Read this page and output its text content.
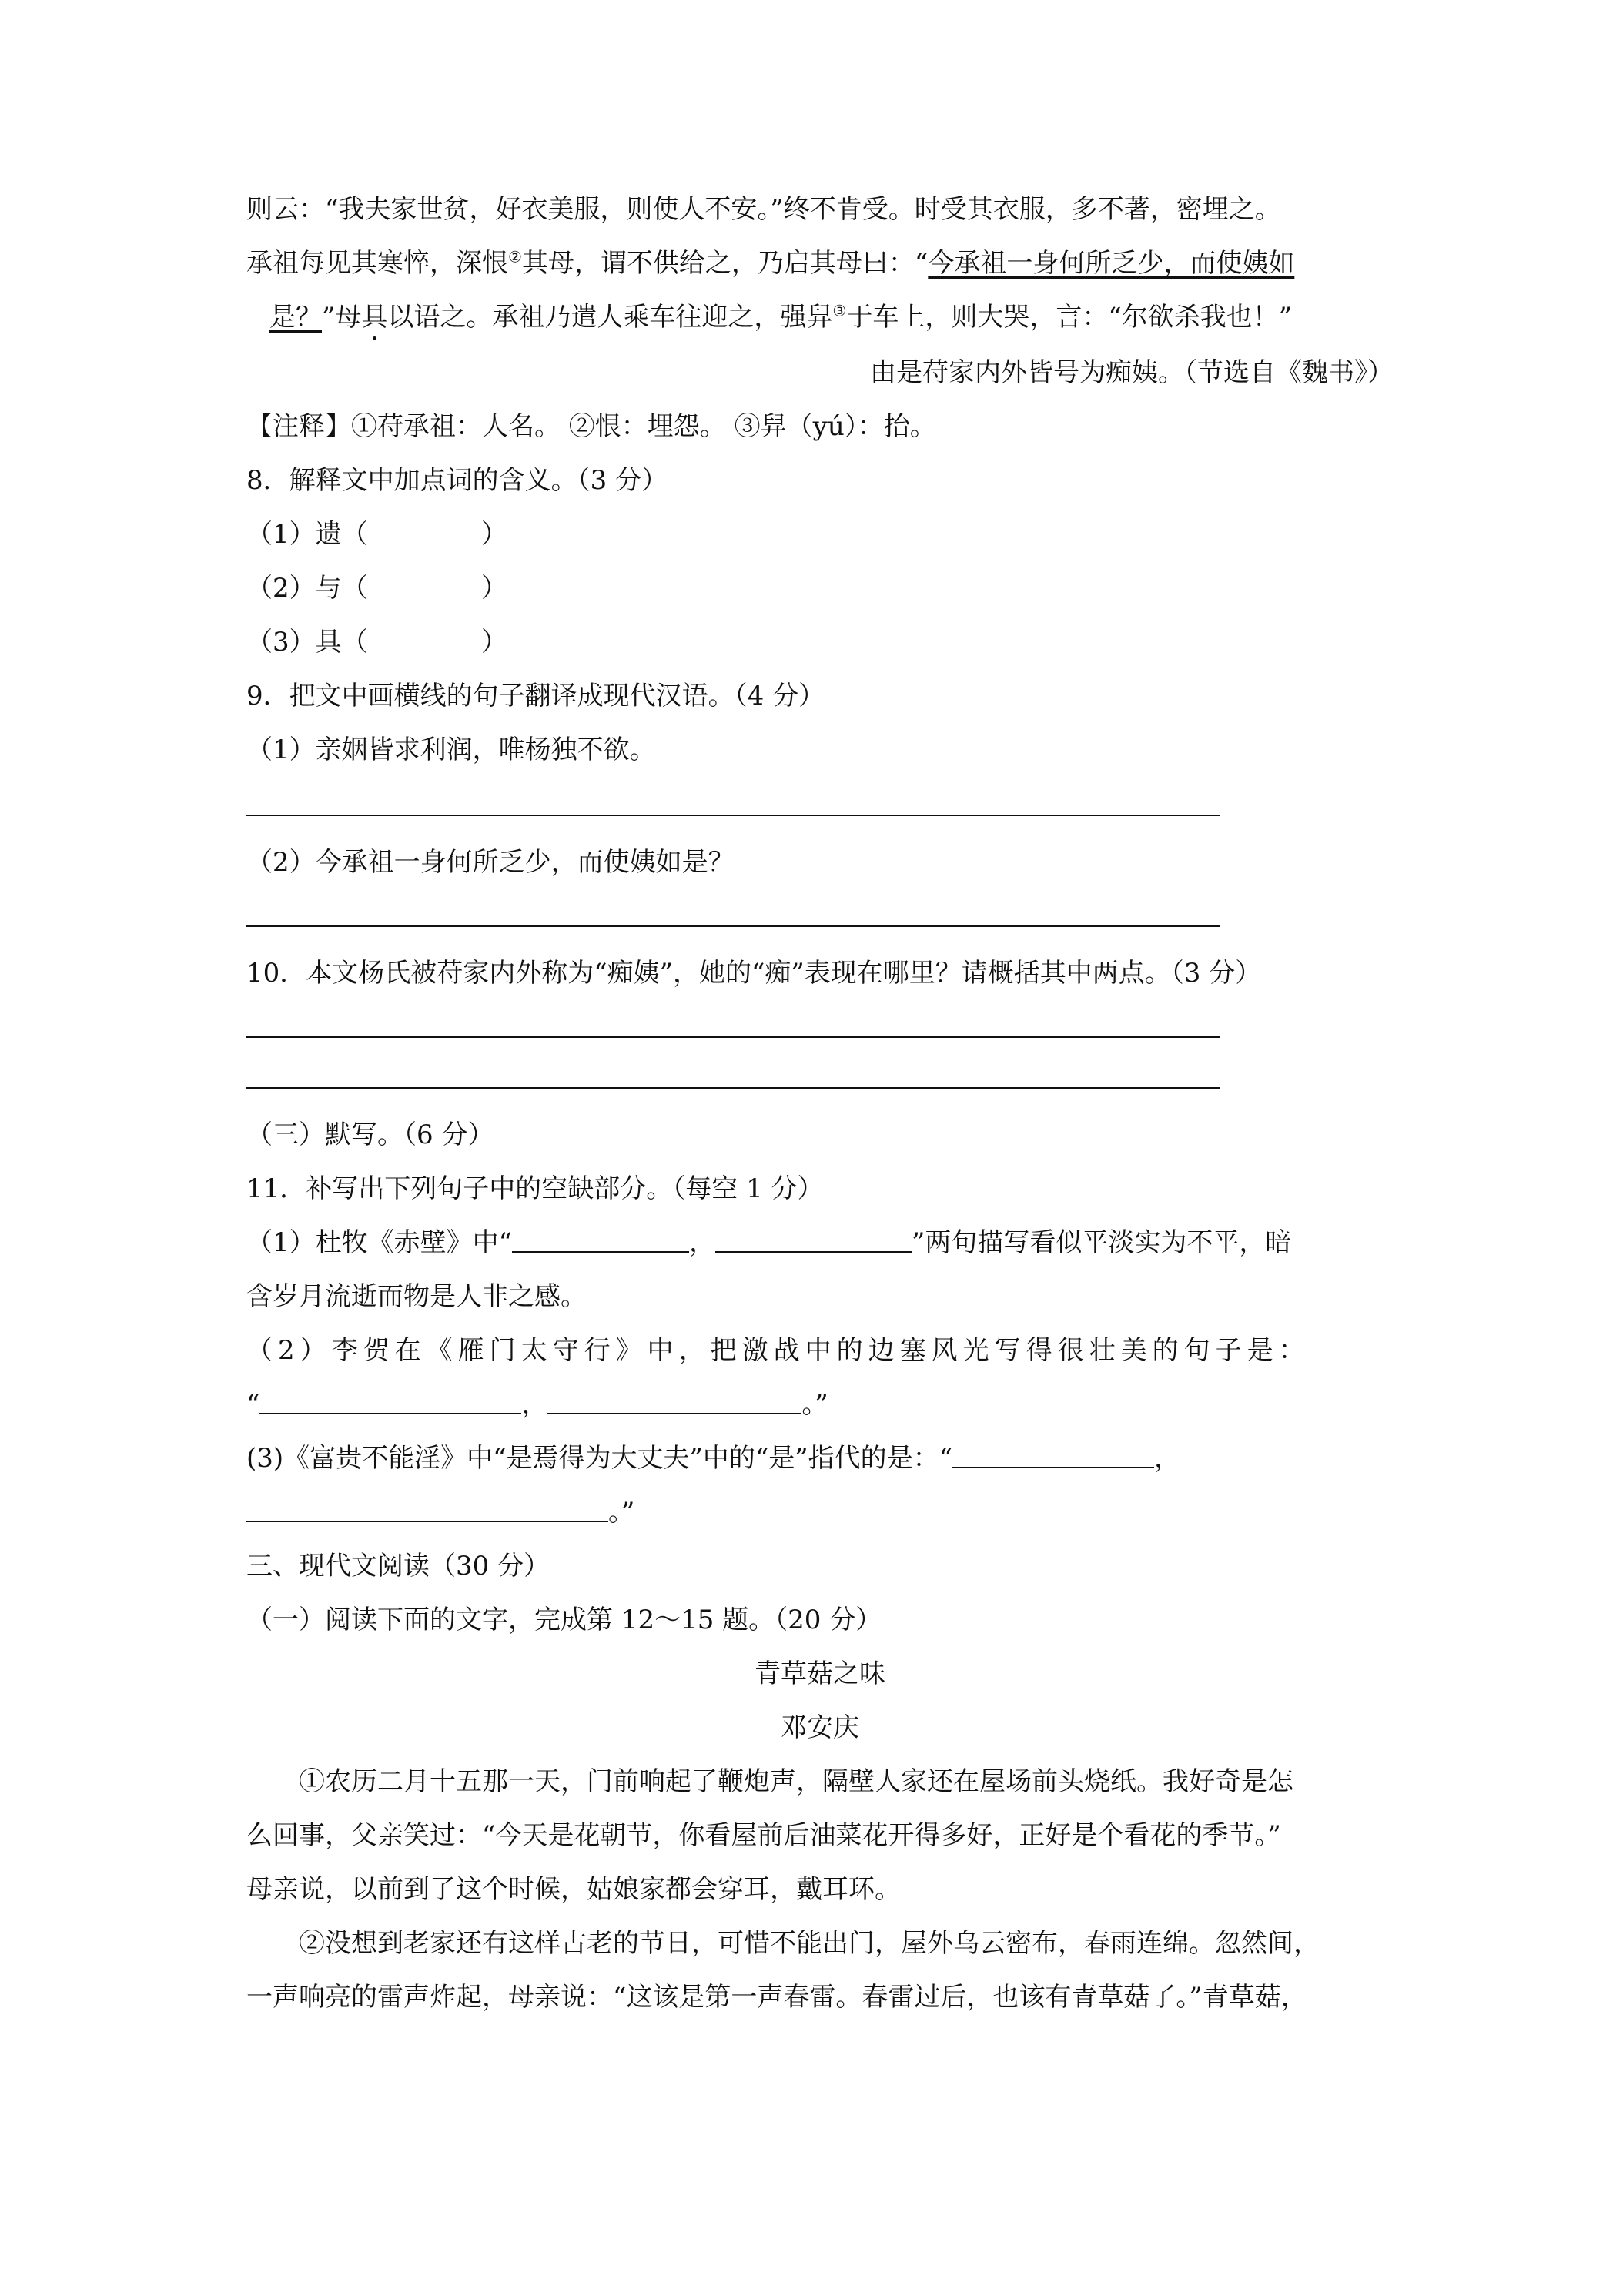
则云：“我夫家世贫，好衣美服，则使人不安。”终不肯受。时受其衣服，多不著，密埋之。
承祖每见其寒悴，深恨②其母，谓不供给之，乃启其母曰：“今承祖一身何所乏少，而使姨如
是？”母具以语之。承祖乃遣人乘车往迎之，强舁③于车上，则大哭，言：“尔欲杀我也！”
由是苻家内外皆号为痴姨。（节选自《魏书》）
【注释】①苻承祖：人名。 ②恨：埋怨。 ③舁（yú）：抬。
8．解释文中加点词的含义。（3 分）
（1）遗（	）
（2）与（	）
（3）具（	）
9．把文中画横线的句子翻译成现代汉语。（4 分）
（1）亲姻皆求利润，唯杨独不欲。
（2）今承祖一身何所乏少，而使姨如是？
10．本文杨氏被苻家内外称为“痴姨”，她的“痴”表现在哪里？请概括其中两点。（3 分）
（三）默写。（6 分）
11．补写出下列句子中的空缺部分。（每空 1 分）
（1）杜牧《赤壁》中“	，	”两句描写看似平淡实为不平，暗
含岁月流逝而物是人非之感。
（2）李贺在《雁门太守行》中，把激战中的边塞风光写得很壮美的句子是：
“	，	。”
(3)《富贵不能淫》中“是焉得为大丈夫”中的“是”指代的是：“	，
。”
三、现代文阅读（30 分）
（一）阅读下面的文字，完成第 12～15 题。（20 分）
青草菇之味
邓安庆
①农历二月十五那一天，门前响起了鞭炮声，隔壁人家还在屋场前头烧纸。我好奇是怎
么回事，父亲笑过：“今天是花朝节，你看屋前后油菜花开得多好，正好是个看花的季节。”
母亲说，以前到了这个时候，姑娘家都会穿耳，戴耳环。
②没想到老家还有这样古老的节日，可惜不能出门，屋外乌云密布，春雨连绵。忽然间，
一声响亮的雷声炸起，母亲说：“这该是第一声春雷。春雷过后，也该有青草菇了。”青草菇，
